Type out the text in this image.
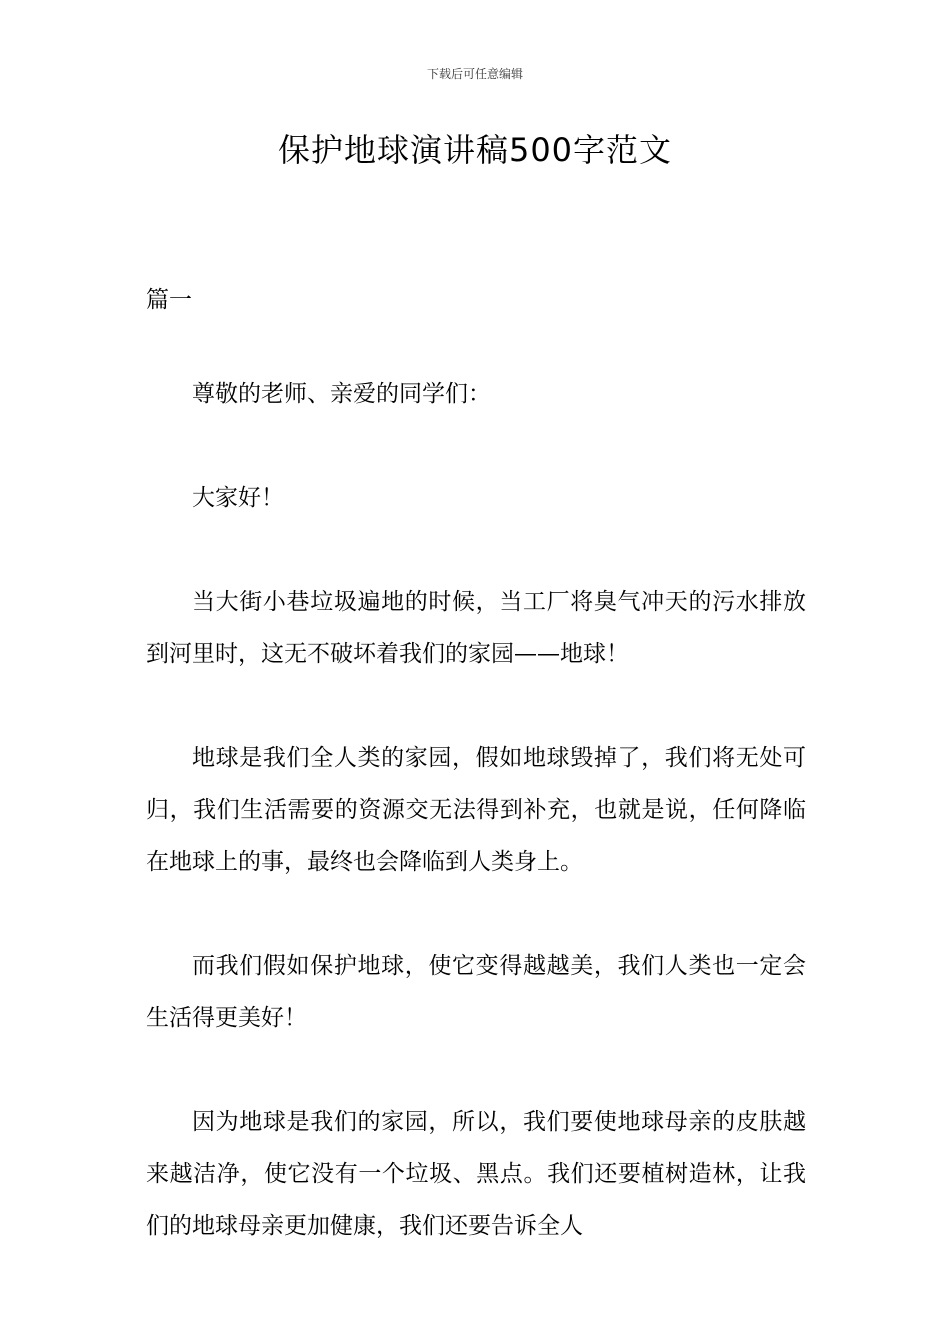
下载后可任意编辑
保护地球演讲稿500字范文
篇一

尊敬的老师、亲爱的同学们：

大家好！

当大街小巷垃圾遍地的时候，当工厂将臭气冲天的污水排放到河里时，这无不破坏着我们的家园——地球！

地球是我们全人类的家园，假如地球毁掉了，我们将无处可归，我们生活需要的资源交无法得到补充，也就是说，任何降临在地球上的事，最终也会降临到人类身上。

而我们假如保护地球，使它变得越越美，我们人类也一定会生活得更美好！

因为地球是我们的家园，所以，我们要使地球母亲的皮肤越来越洁净，使它没有一个垃圾、黑点。我们还要植树造林，让我们的地球母亲更加健康，我们还要告诉全人
